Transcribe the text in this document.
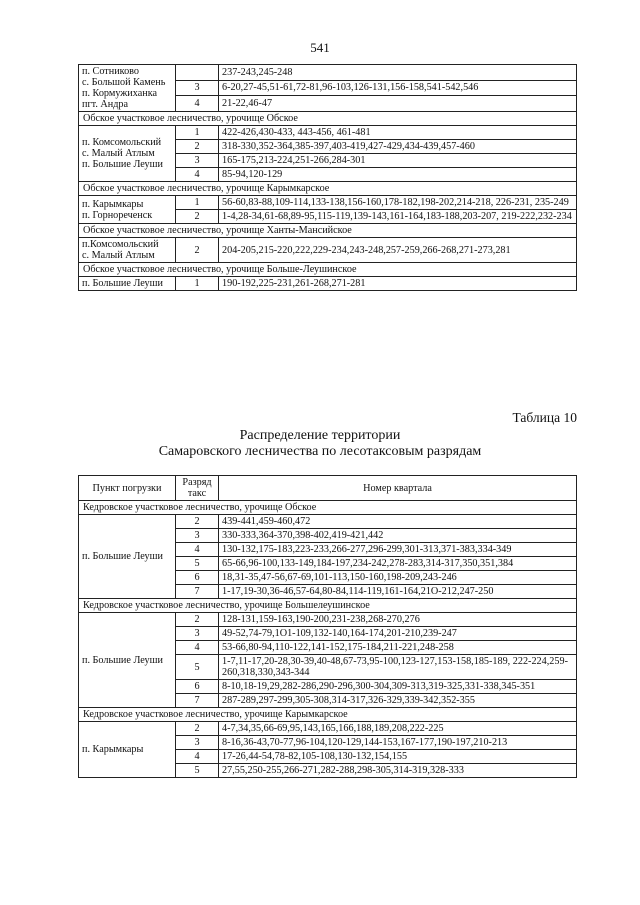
541
п. Сотниково
с. Большой Камень
п. Кормужиханка
пгт. Андра		237-243,245-248
	3	6-20,27-45,51-61,72-81,96-103,126-131,156-158,541-542,546
	4	21-22,46-47
Обское участковое лесничество, урочище Обское		
п. Комсомольский
с. Малый Атлым
п. Большие Леуши	1	422-426,430-433, 443-456, 461-481
	2	318-330,352-364,385-397,403-419,427-429,434-439,457-460
	3	165-175,213-224,251-266,284-301
	4	85-94,120-129
Обское участковое лесничество, урочище Карымкарское		
п. Карымкары
п. Горнореченск	1	56-60,83-88,109-114,133-138,156-160,178-182,198-202,214-218, 226-231, 235-249
	2	1-4,28-34,61-68,89-95,115-119,139-143,161-164,183-188,203-207, 219-222,232-234
Обское участковое лесничество, урочище Ханты-Мансийское		
п.Комсомольский
с. Малый Атлым	2	204-205,215-220,222,229-234,243-248,257-259,266-268,271-273,281
Обское участковое лесничество, урочище Больше-Леушинское		
п. Большие Леуши	1	190-192,225-231,261-268,271-281
Таблица 10
Распределение территории
Самаровского лесничества по лесотаксовым разрядам
Пункт погрузки	Разряд такс	Номер квартала
Кедровское участковое лесничество, урочище Обское		
п. Большие Леуши	2	439-441,459-460,472
	3	330-333,364-370,398-402,419-421,442
	4	130-132,175-183,223-233,266-277,296-299,301-313,371-383,334-349
	5	65-66,96-100,133-149,184-197,234-242,278-283,314-317,350,351,384
	6	18,31-35,47-56,67-69,101-113,150-160,198-209,243-246
	7	1-17,19-30,36-46,57-64,80-84,114-119,161-164,21О-212,247-250
Кедровское участковое лесничество, урочище Большелеушинское		
п. Большие Леуши	2	128-131,159-163,190-200,231-238,268-270,276
	3	49-52,74-79,1О1-109,132-140,164-174,201-210,239-247
	4	53-66,80-94,110-122,141-152,175-184,211-221,248-258
	5	1-7,11-17,20-28,30-39,40-48,67-73,95-100,123-127,153-158,185-189, 222-224,259-260,318,330,343-344
	6	8-10,18-19,29,282-286,290-296,300-304,309-313,319-325,331-338,345-351
	7	287-289,297-299,305-308,314-317,326-329,339-342,352-355
Кедровское участковое лесничество, урочище Карымкарское		
п. Карымкары	2	4-7,34,35,66-69,95,143,165,166,188,189,208,222-225
	3	8-16,36-43,70-77,96-104,120-129,144-153,167-177,190-197,210-213
	4	17-26,44-54,78-82,105-108,130-132,154,155
	5	27,55,250-255,266-271,282-288,298-305,314-319,328-333
